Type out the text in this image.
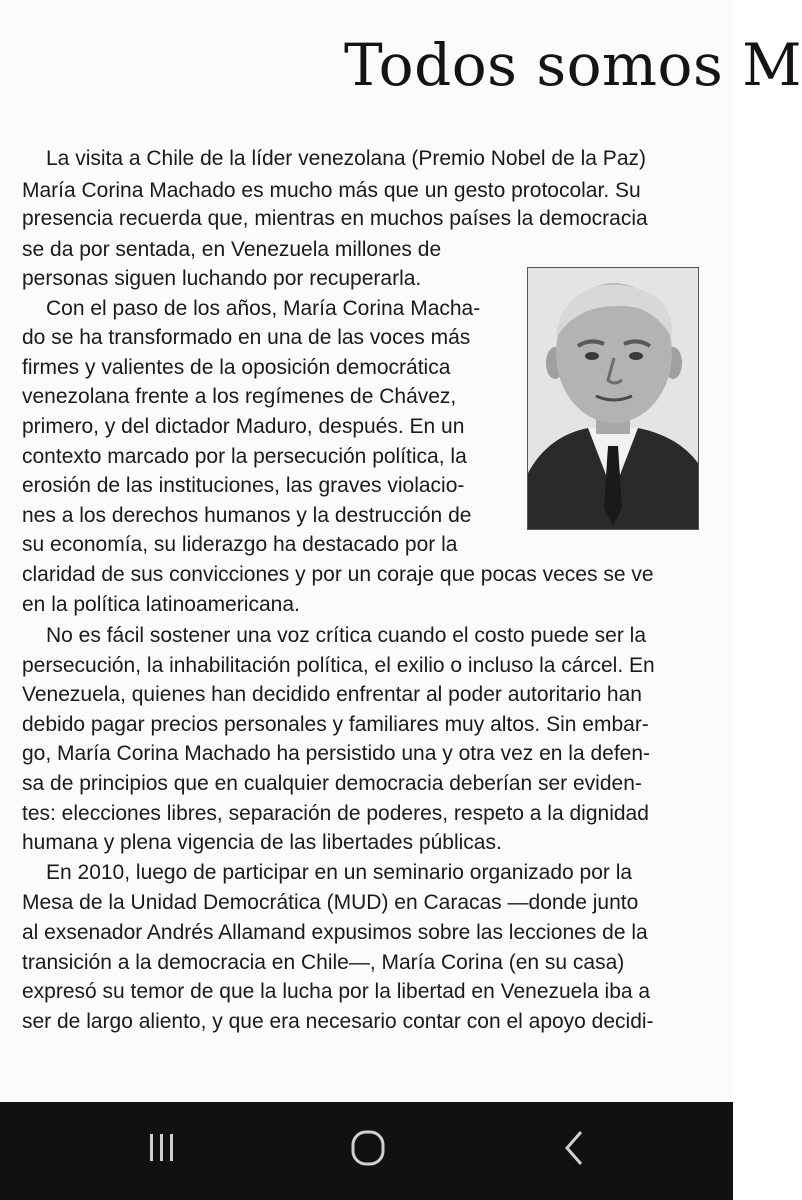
Todos somos M
La visita a Chile de la líder venezolana (Premio Nobel de la Paz)
María Corina Machado es mucho más que un gesto protocolar. Su
presencia recuerda que, mientras en muchos países la democracia
se da por sentada, en Venezuela millones de
personas siguen luchando por recuperarla.
Con el paso de los años, María Corina Macha-
do se ha transformado en una de las voces más
firmes y valientes de la oposición democrática
venezolana frente a los regímenes de Chávez,
primero, y del dictador Maduro, después. En un
contexto marcado por la persecución política, la
erosión de las instituciones, las graves violacio-
nes a los derechos humanos y la destrucción de
su economía, su liderazgo ha destacado por la
claridad de sus convicciones y por un coraje que pocas veces se ve
en la política latinoamericana.
No es fácil sostener una voz crítica cuando el costo puede ser la
persecución, la inhabilitación política, el exilio o incluso la cárcel. En
Venezuela, quienes han decidido enfrentar al poder autoritario han
debido pagar precios personales y familiares muy altos. Sin embar-
go, María Corina Machado ha persistido una y otra vez en la defen-
sa de principios que en cualquier democracia deberían ser eviden-
tes: elecciones libres, separación de poderes, respeto a la dignidad
humana y plena vigencia de las libertades públicas.
En 2010, luego de participar en un seminario organizado por la
Mesa de la Unidad Democrática (MUD) en Caracas —donde junto
al exsenador Andrés Allamand expusimos sobre las lecciones de la
transición a la democracia en Chile—, María Corina (en su casa)
expresó su temor de que la lucha por la libertad en Venezuela iba a
ser de largo aliento, y que era necesario contar con el apoyo decidi-
